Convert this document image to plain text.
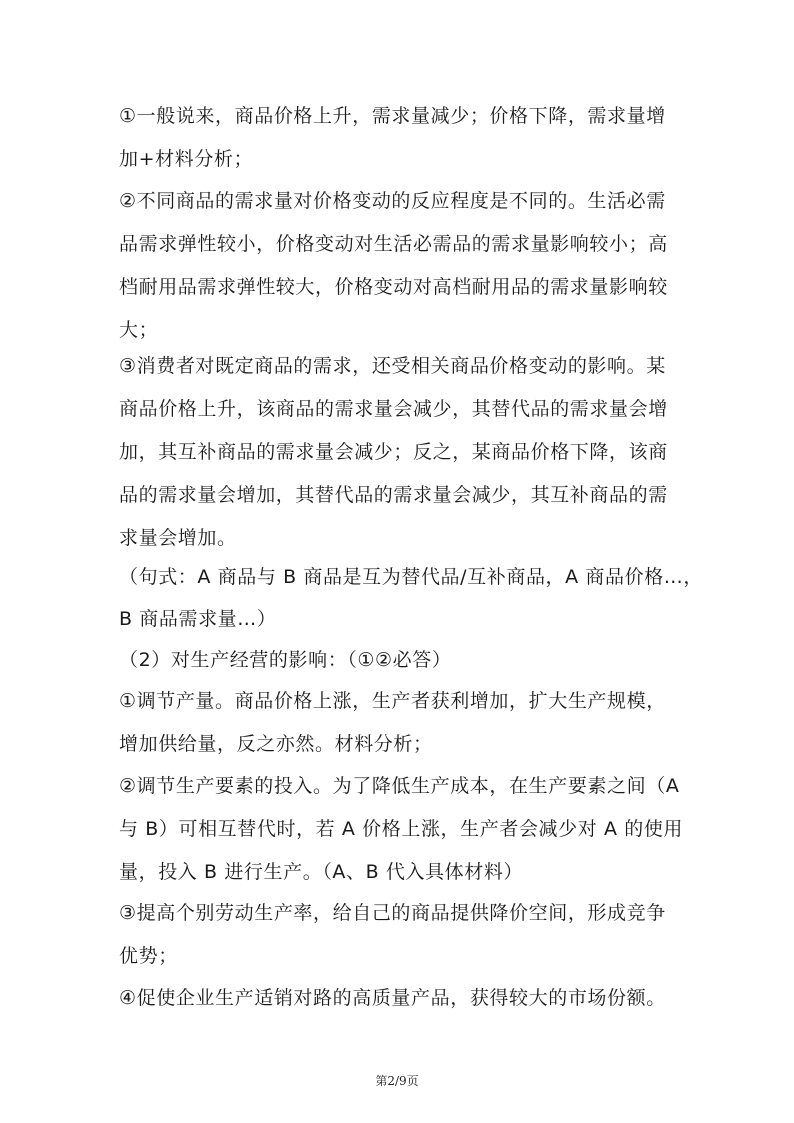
①一般说来，商品价格上升，需求量减少；价格下降，需求量增
加+材料分析；
②不同商品的需求量对价格变动的反应程度是不同的。生活必需
品需求弹性较小，价格变动对生活必需品的需求量影响较小；高
档耐用品需求弹性较大，价格变动对高档耐用品的需求量影响较
大；
③消费者对既定商品的需求，还受相关商品价格变动的影响。某
商品价格上升，该商品的需求量会减少，其替代品的需求量会增
加，其互补商品的需求量会减少；反之，某商品价格下降，该商
品的需求量会增加，其替代品的需求量会减少，其互补商品的需
求量会增加。
（句式：A 商品与 B 商品是互为替代品/互补商品，A 商品价格…，
B 商品需求量…）
（2）对生产经营的影响：（①②必答）
①调节产量。商品价格上涨，生产者获利增加，扩大生产规模，
增加供给量，反之亦然。材料分析；
②调节生产要素的投入。为了降低生产成本，在生产要素之间（A
与 B）可相互替代时，若 A 价格上涨，生产者会减少对 A 的使用
量，投入 B 进行生产。（A、B 代入具体材料）
③提高个别劳动生产率，给自己的商品提供降价空间，形成竞争
优势；
④促使企业生产适销对路的高质量产品，获得较大的市场份额。
第2/9页
